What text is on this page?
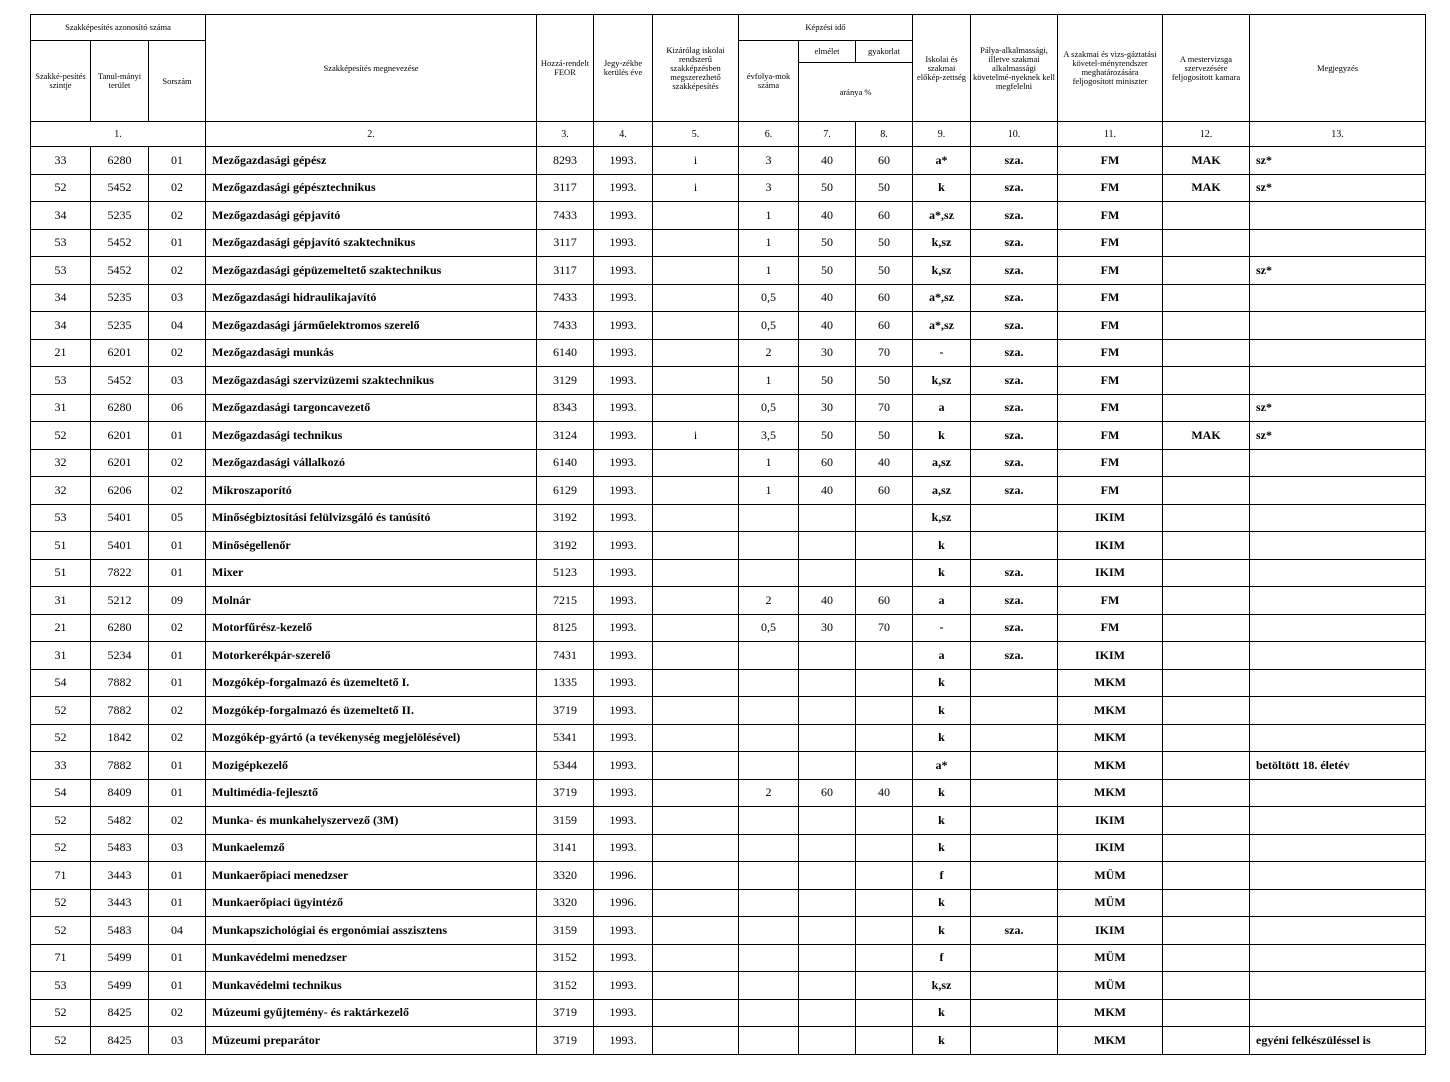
Szakképesítés azonosító száma			Szakképesítés megnevezése	Hozzá-rendelt FEOR	Jegy-zékbe kerülés éve	Kizárólag iskolai rendszerű szakképzésben megszerezhető szakképesítés	Képzési idő			Iskolai és szakmai előkép-zettség	Pálya-alkalmassági, illetve szakmai alkalmassági követelmé-nyeknek kell megfelelni	A szakmai és vizs-gáztatási követel-ményrendszer meghatározására feljogosított miniszter	A mestervizsga szervezésére feljogosított kamara	Megjegyzés
Szakké-pesítés szintje	Tanul-mányi terület	Sorszám					évfolya-mok száma	elmélet	gyakorlat					
								aránya %						
1.			2.	3.	4.	5.	6.	7.	8.	9.	10.	11.	12.	13.
33	6280	01	Mezőgazdasági gépész	8293	1993.	i	3	40	60	a*	sza.	FM	MAK	sz*
52	5452	02	Mezőgazdasági gépésztechnikus	3117	1993.	i	3	50	50	k	sza.	FM	MAK	sz*
34	5235	02	Mezőgazdasági gépjavító	7433	1993.		1	40	60	a*,sz	sza.	FM		
53	5452	01	Mezőgazdasági gépjavító szaktechnikus	3117	1993.		1	50	50	k,sz	sza.	FM		
53	5452	02	Mezőgazdasági gépüzemeltető szaktechnikus	3117	1993.		1	50	50	k,sz	sza.	FM		sz*
34	5235	03	Mezőgazdasági hidraulikajavító	7433	1993.		0,5	40	60	a*,sz	sza.	FM		
34	5235	04	Mezőgazdasági járműelektromos szerelő	7433	1993.		0,5	40	60	a*,sz	sza.	FM		
21	6201	02	Mezőgazdasági munkás	6140	1993.		2	30	70	-	sza.	FM		
53	5452	03	Mezőgazdasági szervizüzemi szaktechnikus	3129	1993.		1	50	50	k,sz	sza.	FM		
31	6280	06	Mezőgazdasági targoncavezető	8343	1993.		0,5	30	70	a	sza.	FM		sz*
52	6201	01	Mezőgazdasági technikus	3124	1993.	i	3,5	50	50	k	sza.	FM	MAK	sz*
32	6201	02	Mezőgazdasági vállalkozó	6140	1993.		1	60	40	a,sz	sza.	FM		
32	6206	02	Mikroszaporító	6129	1993.		1	40	60	a,sz	sza.	FM		
53	5401	05	Minőségbiztosítási felülvizsgáló és tanúsító	3192	1993.					k,sz		IKIM		
51	5401	01	Minőségellenőr	3192	1993.					k		IKIM		
51	7822	01	Mixer	5123	1993.					k	sza.	IKIM		
31	5212	09	Molnár	7215	1993.		2	40	60	a	sza.	FM		
21	6280	02	Motorfűrész-kezelő	8125	1993.		0,5	30	70	-	sza.	FM		
31	5234	01	Motorkerékpár-szerelő	7431	1993.					a	sza.	IKIM		
54	7882	01	Mozgókép-forgalmazó és üzemeltető I.	1335	1993.					k		MKM		
52	7882	02	Mozgókép-forgalmazó és üzemeltető II.	3719	1993.					k		MKM		
52	1842	02	Mozgókép-gyártó (a tevékenység megjelölésével)	5341	1993.					k		MKM		
33	7882	01	Mozigépkezelő	5344	1993.					a*		MKM		betöltött 18. életév
54	8409	01	Multimédia-fejlesztő	3719	1993.		2	60	40	k		MKM		
52	5482	02	Munka- és munkahelyszervező (3M)	3159	1993.					k		IKIM		
52	5483	03	Munkaelemző	3141	1993.					k		IKIM		
71	3443	01	Munkaerőpiaci menedzser	3320	1996.					f		MÜM		
52	3443	01	Munkaerőpiaci ügyintéző	3320	1996.					k		MÜM		
52	5483	04	Munkapszichológiai és ergonómiai asszisztens	3159	1993.					k	sza.	IKIM		
71	5499	01	Munkavédelmi menedzser	3152	1993.					f		MÜM		
53	5499	01	Munkavédelmi technikus	3152	1993.					k,sz		MÜM		
52	8425	02	Múzeumi gyűjtemény- és raktárkezelő	3719	1993.					k		MKM		
52	8425	03	Múzeumi preparátor	3719	1993.					k		MKM		egyéni felkészüléssel is
